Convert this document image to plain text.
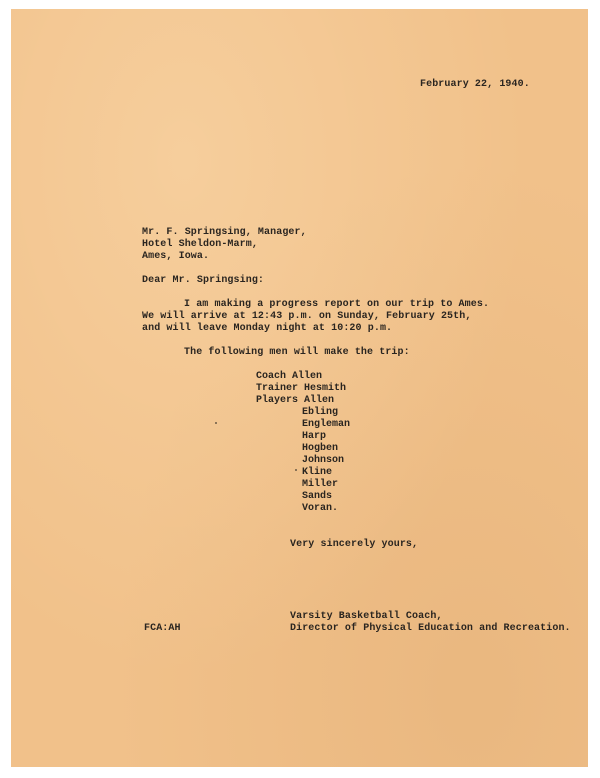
February 22, 1940.

Mr. F. Springsing, Manager,

Hotel Sheldon-Marm,

Ames, Iowa.

Dear Mr. Springsing:

I am making a progress report on our trip to Ames.

We will arrive at 12:43 p.m. on Sunday, February 25th,

and will leave Monday night at 10:20 p.m.

The following men will make the trip:

Coach Allen

Trainer Hesmith

Players Allen

Ebling

Engleman

Harp

Hogben

Johnson

Kline

Miller

Sands

Voran.

Very sincerely yours,

Varsity Basketball Coach,

Director of Physical Education and Recreation.

FCA:AH
